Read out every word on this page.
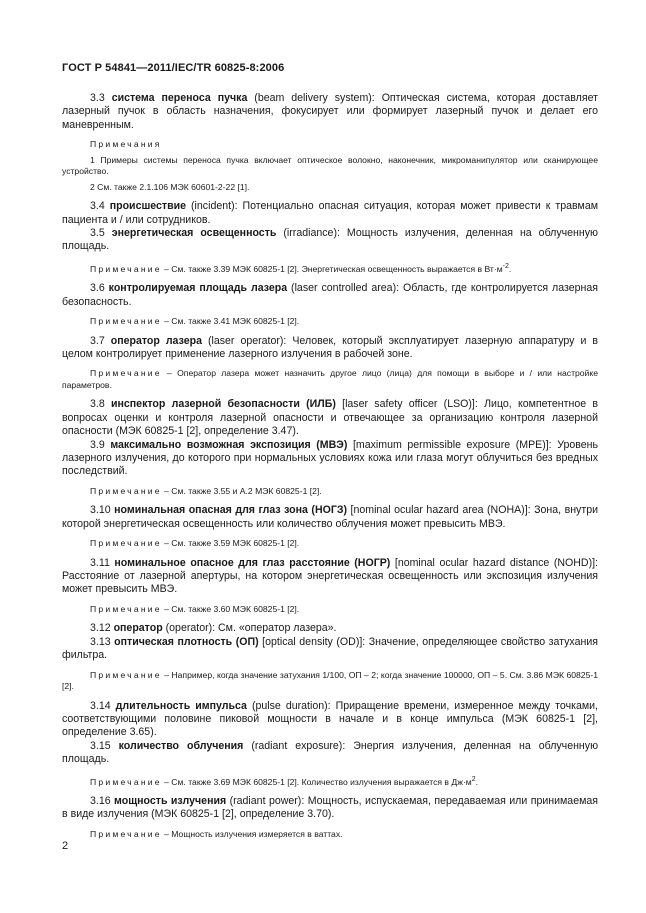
ГОСТ Р 54841—2011/IEC/TR 60825-8:2006

3.3 система переноса пучка (beam delivery system): Оптическая система, которая доставляет лазерный пучок в область назначения, фокусирует или формирует лазерный пучок и делает его маневренным.

Примечания

1 Примеры системы переноса пучка включает оптическое волокно, наконечник, микроманипулятор или сканирующее устройство.

2 См. также 2.1.106 МЭК 60601-2-22 [1].

3.4 происшествие (incident): Потенциально опасная ситуация, которая может привести к травмам пациента и / или сотрудников.

3.5 энергетическая освещенность (irradiance): Мощность излучения, деленная на облученную площадь.

Примечание – См. также 3.39 МЭК 60825-1 [2]. Энергетическая освещенность выражается в $Вт\cdot м^{-2}$.

3.6 контролируемая площадь лазера (laser controlled area): Область, где контролируется лазерная безопасность.

Примечание – См. также 3.41 МЭК 60825-1 [2].

3.7 оператор лазера (laser operator): Человек, который эксплуатирует лазерную аппаратуру и в целом контролирует применение лазерного излучения в рабочей зоне.

Примечание – Оператор лазера может назначить другое лицо (лица) для помощи в выборе и / или настройке параметров.

3.8 инспектор лазерной безопасности (ИЛБ) [laser safety officer (LSO)]: Лицо, компетентное в вопросах оценки и контроля лазерной опасности и отвечающее за организацию контроля лазерной опасности (МЭК 60825-1 [2], определение 3.47).

3.9 максимально возможная экспозиция (МВЭ) [maximum permissible exposure (MPE)]: Уровень лазерного излучения, до которого при нормальных условиях кожа или глаза могут облучиться без вредных последствий.

Примечание – См. также 3.55 и А.2 МЭК 60825-1 [2].

3.10 номинальная опасная для глаз зона (НОГЗ) [nominal ocular hazard area (NOHA)]: Зона, внутри которой энергетическая освещенность или количество облучения может превысить МВЭ.

Примечание – См. также 3.59 МЭК 60825-1 [2].

3.11 номинальное опасное для глаз расстояние (НОГР) [nominal ocular hazard distance (NOHD)]: Расстояние от лазерной апертуры, на котором энергетическая освещенность или экспозиция излучения может превысить МВЭ.

Примечание – См. также 3.60 МЭК 60825-1 [2].

3.12 оператор (operator): См. «оператор лазера».

3.13 оптическая плотность (ОП) [optical density (OD)]: Значение, определяющее свойство затухания фильтра.

Примечание – Например, когда значение затухания 1/100, ОП – 2; когда значение 100000, ОП – 5. См. 3.86 МЭК 60825-1 [2].

3.14 длительность импульса (pulse duration): Приращение времени, измеренное между точками, соответствующими половине пиковой мощности в начале и в конце импульса (МЭК 60825-1 [2], определение 3.65).

3.15 количество облучения (radiant exposure): Энергия излучения, деленная на облученную площадь.

Примечание – См. также 3.69 МЭК 60825-1 [2]. Количество излучения выражается в $Дж\cdot м^2$.

3.16 мощность излучения (radiant power): Мощность, испускаемая, передаваемая или принимаемая в виде излучения (МЭК 60825-1 [2], определение 3.70).

Примечание – Мощность излучения измеряется в ваттах.

2
